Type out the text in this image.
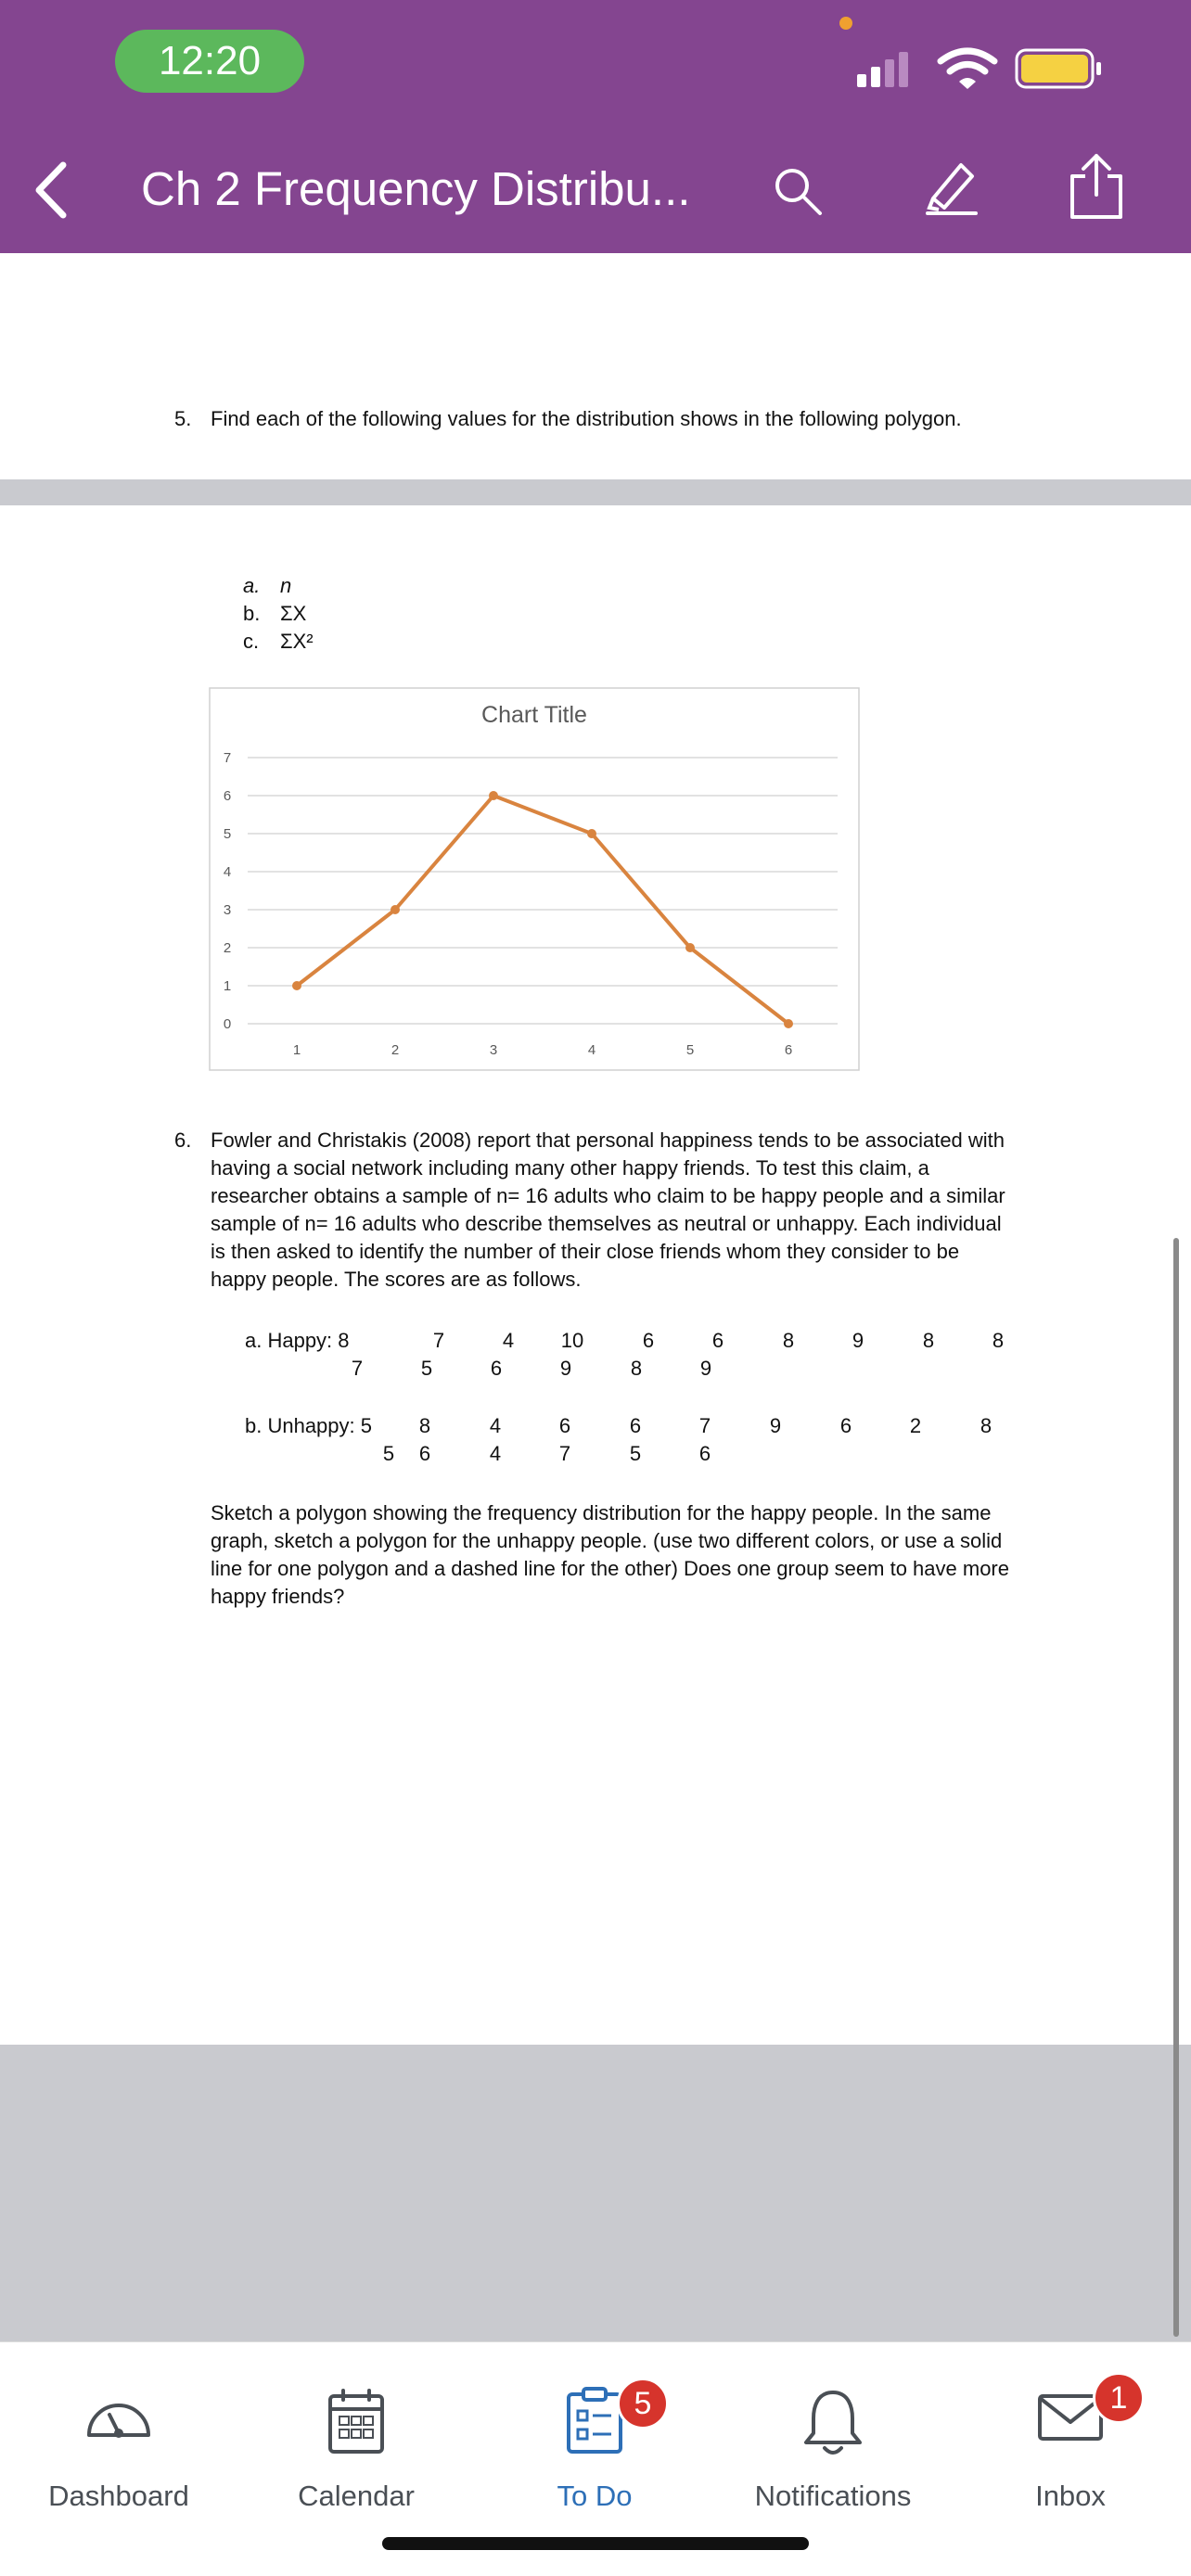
12:20
Ch 2 Frequency Distribu...
5. Find each of the following values for the distribution shows in the following polygon.
a. n
b. ΣX
c. ΣX²
Chart Title
0
1
2
3
4
5
6
7
1	2	3	4	5	6
6. Fowler and Christakis (2008) report that personal happiness tends to be associated with
having a social network including many other happy friends. To test this claim, a
researcher obtains a sample of n= 16 adults who claim to be happy people and a similar
sample of n= 16 adults who describe themselves as neutral or unhappy. Each individual
is then asked to identify the number of their close friends whom they consider to be
happy people. The scores are as follows.
a. Happy: 8	7	4	10	6	6	8	9	8	8
7	5	6	9	8	9
b. Unhappy: 5	8	4	6	6	7	9	6	2	8
5	6	4	7	5	6
Sketch a polygon showing the frequency distribution for the happy people. In the same
graph, sketch a polygon for the unhappy people. (use two different colors, or use a solid
line for one polygon and a dashed line for the other) Does one group seem to have more
happy friends?
Dashboard	Calendar
5
To Do	Notifications
1
Inbox
